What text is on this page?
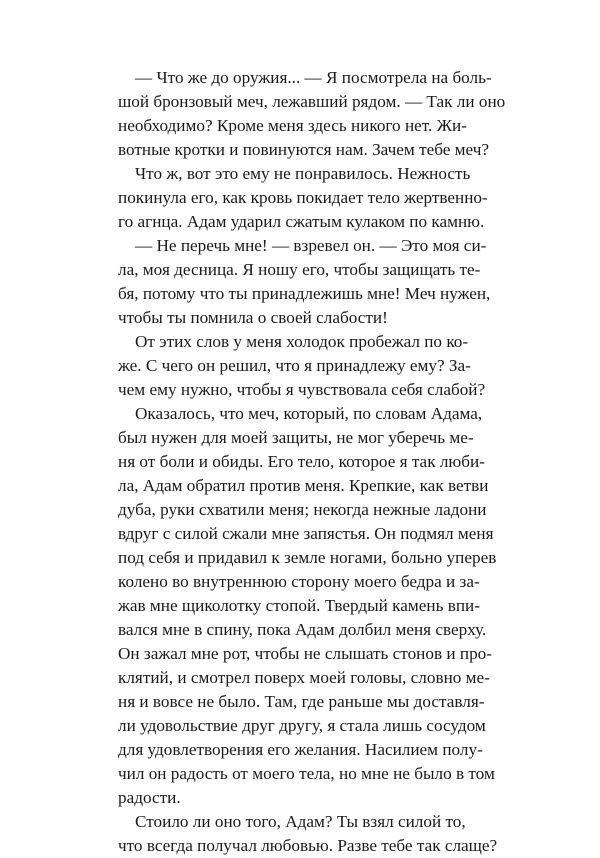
— Что же до оружия... — Я посмотрела на боль-
шой бронзовый меч, лежавший рядом. — Так ли оно
необходимо? Кроме меня здесь никого нет. Жи-
вотные кротки и повинуются нам. Зачем тебе меч?
Что ж, вот это ему не понравилось. Нежность
покинула его, как кровь покидает тело жертвенно-
го агнца. Адам ударил сжатым кулаком по камню.
— Не перечь мне! — взревел он. — Это моя си-
ла, моя десница. Я ношу его, чтобы защищать те-
бя, потому что ты принадлежишь мне! Меч нужен,
чтобы ты помнила о своей слабости!
От этих слов у меня холодок пробежал по ко-
же. С чего он решил, что я принадлежу ему? За-
чем ему нужно, чтобы я чувствовала себя слабой?
Оказалось, что меч, который, по словам Адама,
был нужен для моей защиты, не мог уберечь ме-
ня от боли и обиды. Его тело, которое я так люби-
ла, Адам обратил против меня. Крепкие, как ветви
дуба, руки схватили меня; некогда нежные ладони
вдруг с силой сжали мне запястья. Он подмял меня
под себя и придавил к земле ногами, больно уперев
колено во внутреннюю сторону моего бедра и за-
жав мне щиколотку стопой. Твердый камень впи-
вался мне в спину, пока Адам долбил меня сверху.
Он зажал мне рот, чтобы не слышать стонов и про-
клятий, и смотрел поверх моей головы, словно ме-
ня и вовсе не было. Там, где раньше мы доставля-
ли удовольствие друг другу, я стала лишь сосудом
для удовлетворения его желания. Насилием полу-
чил он радость от моего тела, но мне не было в том
радости.
Стоило ли оно того, Адам? Ты взял силой то,
что всегда получал любовью. Разве тебе так слаще?
